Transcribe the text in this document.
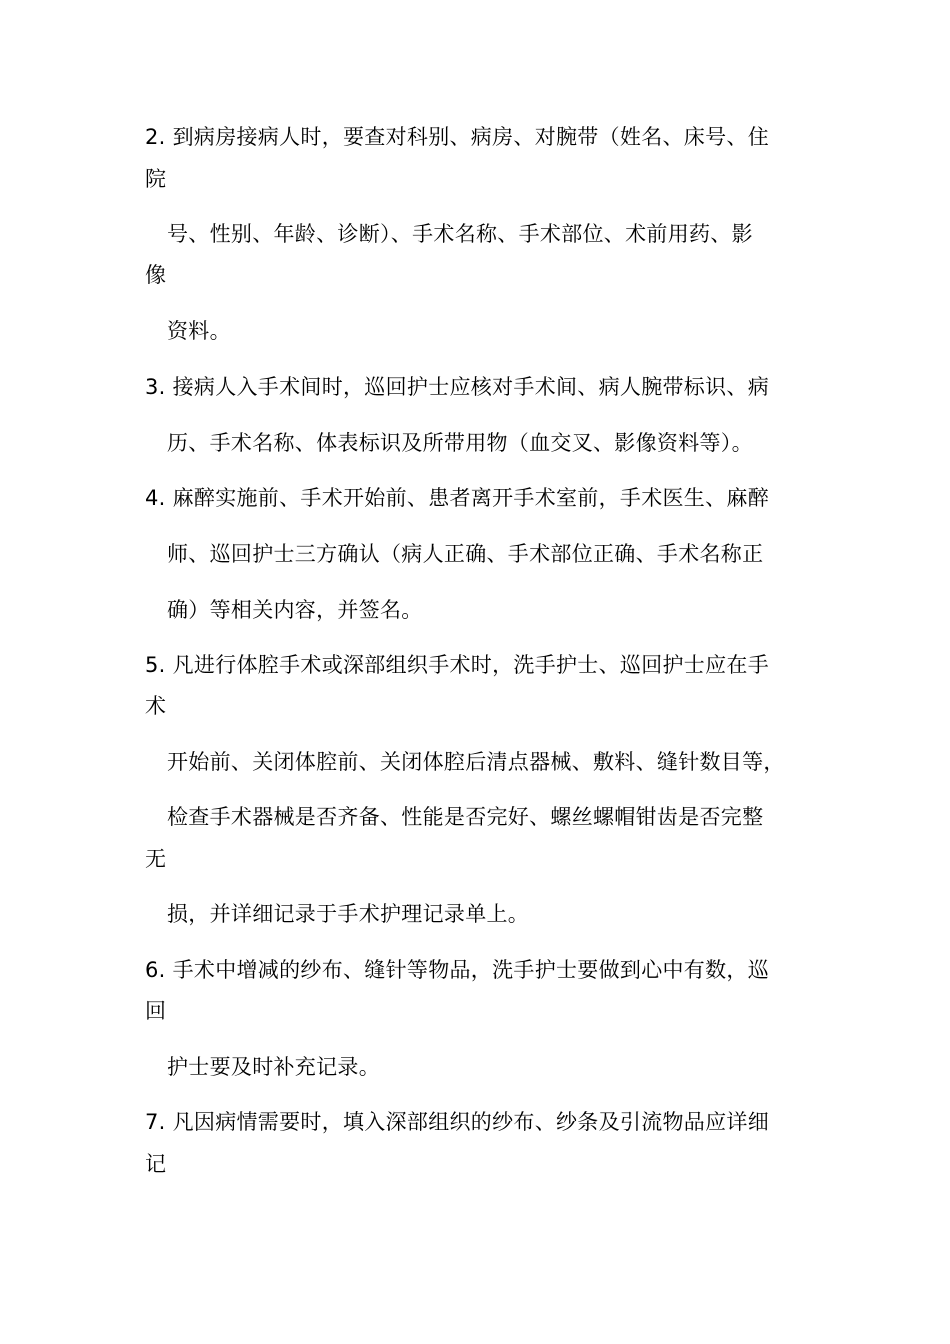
2. 到病房接病人时，要查对科别、病房、对腕带（姓名、床号、住
院
号、性别、年龄、诊断）、手术名称、手术部位、术前用药、影
像
资料。
3. 接病人入手术间时，巡回护士应核对手术间、病人腕带标识、病
历、手术名称、体表标识及所带用物（血交叉、影像资料等）。
4. 麻醉实施前、手术开始前、患者离开手术室前，手术医生、麻醉
师、巡回护士三方确认（病人正确、手术部位正确、手术名称正
确）等相关内容，并签名。
5. 凡进行体腔手术或深部组织手术时，洗手护士、巡回护士应在手
术
开始前、关闭体腔前、关闭体腔后清点器械、敷料、缝针数目等，
检查手术器械是否齐备、性能是否完好、螺丝螺帽钳齿是否完整
无
损，并详细记录于手术护理记录单上。
6. 手术中增减的纱布、缝针等物品，洗手护士要做到心中有数，巡
回
护士要及时补充记录。
7. 凡因病情需要时，填入深部组织的纱布、纱条及引流物品应详细
记
